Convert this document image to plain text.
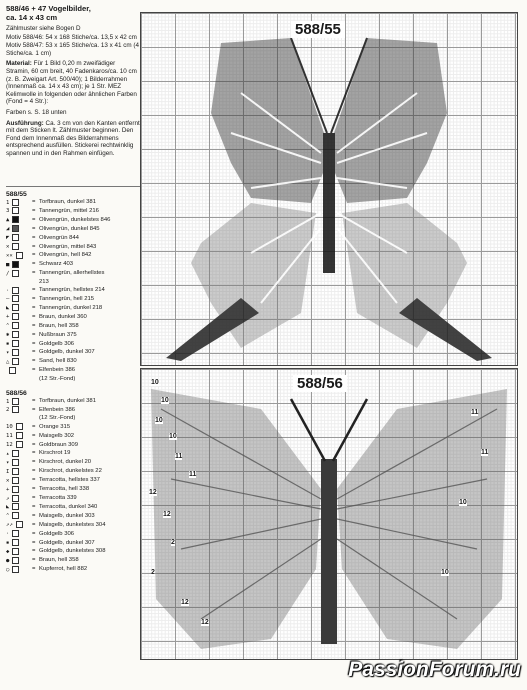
588/46 + 47 Vogelbilder,

ca. 14 x 43 cm

Zählmuster siehe Bogen D

Motiv 588/46: 54 x 168 Stiche/ca. 13,5 x 42 cm

Motiv 588/47: 53 x 165 Stiche/ca. 13 x 41 cm (4 Stiche/ca. 1 cm)

Material: Für 1 Bild 0,20 m zweifädiger Stramin, 60 cm breit, 40 Fadenkaros/ca. 10 cm (z. B. Zweigart Art. 500/40); 1 Bilderrahmen (Innenmaß ca. 14 x 43 cm); je 1 Str. MEZ Kelimwolle in folgenden oder ähnlichen Farben (Fond = 4 Str.):

Farben s. S. 18 unten

Ausführung: Ca. 3 cm von den Kanten entfernt mit dem Sticken lt. Zählmuster beginnen. Den Fond dem Innenmaß des Bilderrahmens entsprechend ausfüllen. Stickerei rechtwinklig spannen und in den Rahmen einfügen.

588/55
1	= Torfbraun, dunkel 381
3	= Tannengrün, mittel 216
▲	= Olivengrün, dunkelstes 846
◢	= Olivengrün, dunkel 845
◤	= Olivengrün 844
✕	= Olivengrün, mittel 843
××	= Olivengrün, hell 842
■	= Schwarz 403
∕	= Tannengrün, allerhellstes
213
·	= Tannengrün, hellstes 214
–	= Tannengrün, hell 215
◣	= Tannengrün, dunkel 218
+	= Braun, dunkel 360
⌃	= Braun, hell 358
✱	= Nußbraun 375
▪	= Goldgelb 306
▾	= Goldgelb, dunkel 307
△	= Sand, hell 830
= Elfenbein 386
(12 Str.-Fond)
588/56
1	= Torfbraun, dunkel 381
2	= Elfenbein 386
(12 Str.-Fond)
10	= Orange 315
11	= Maisgelb 302
12	= Goldbraun 309
▴	= Kirschrot 19
▾	= Kirschrot, dunkel 20
I	= Kirschrot, dunkelstes 22
✕	= Terracotta, hellstes 337
+	= Terracotta, hell 338
↗	= Terracotta 339
◣	= Terracotta, dunkel 340
⌃	= Maisgelb, dunkel 303
↗↗	= Maisgelb, dunkelstes 304
·	= Goldgelb 306
▪	= Goldgelb, dunkel 307
◆	= Goldgelb, dunkelstes 308
●	= Braun, hell 358
○	= Kupferrot, hell 882
588/55
588/56
10
10
10
10
11
11
12
12
2
2
12
12
11
11
10
10
PassionForum.ru
